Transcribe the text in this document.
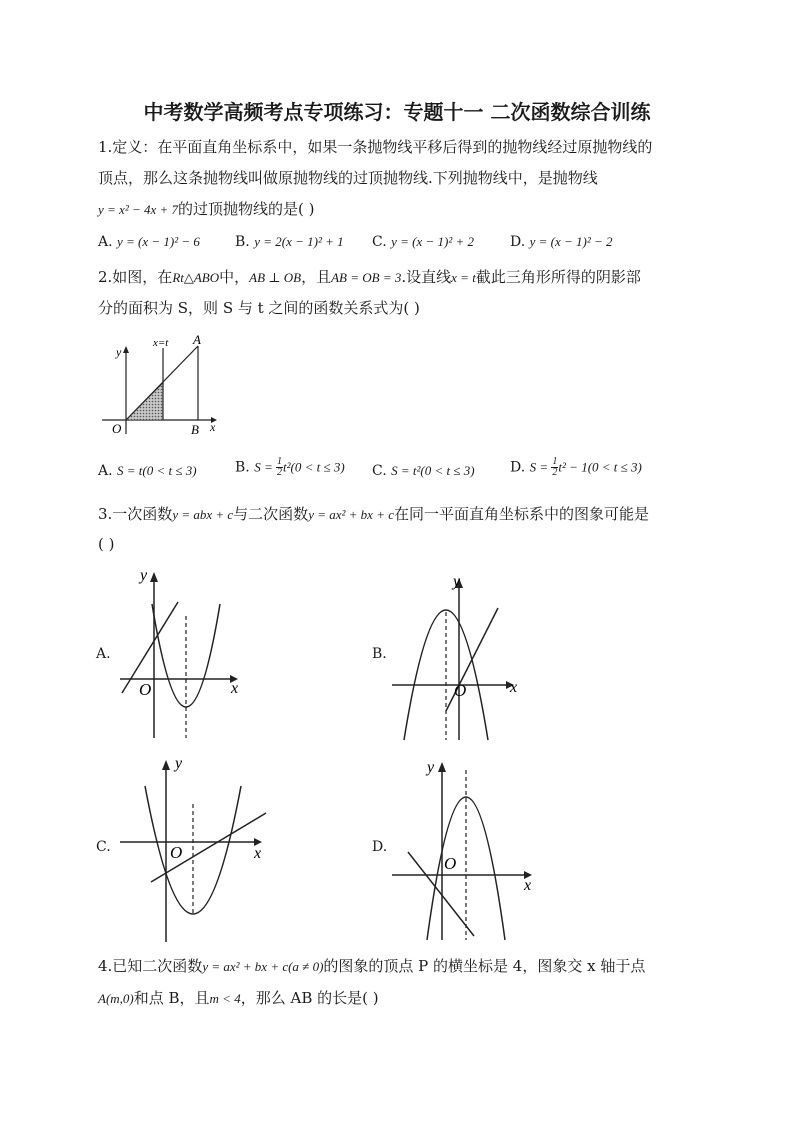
中考数学高频考点专项练习：专题十一 二次函数综合训练
1.定义：在平面直角坐标系中，如果一条抛物线平移后得到的抛物线经过原抛物线的
顶点，那么这条抛物线叫做原抛物线的过顶抛物线.下列抛物线中，是抛物线
y = x² − 4x + 7的过顶抛物线的是( )
A. y = (x − 1)² − 6	B. y = 2(x − 1)² + 1 C. y = (x − 1)² + 2	D. y = (x − 1)² − 2
2.如图，在Rt△ABO中，AB ⊥ OB，且AB = OB = 3.设直线x = t截此三角形所得的阴影部
分的面积为 S，则 S 与 t 之间的函数关系式为( )
y
x=t A
O	B x
A. S = t(0 < t ≤ 3)	B. $S = \frac{1}{2} t^2(0 < t \le 3)$ C. S = t²(0 < t ≤ 3)	D. $S = \frac{1}{2} t^2 - 1(0 < t \le 3)$
3.一次函数y = abx + c与二次函数y = ax² + bx + c在同一平面直角坐标系中的图象可能是
( )
A.	B.
C.	D.
y
O	x
y
O	x
y
O	x
y
O
x
4.已知二次函数y = ax² + bx + c(a ≠ 0)的图象的顶点 P 的横坐标是 4，图象交 x 轴于点
A(m,0)和点 B，且m < 4，那么 AB 的长是( )
